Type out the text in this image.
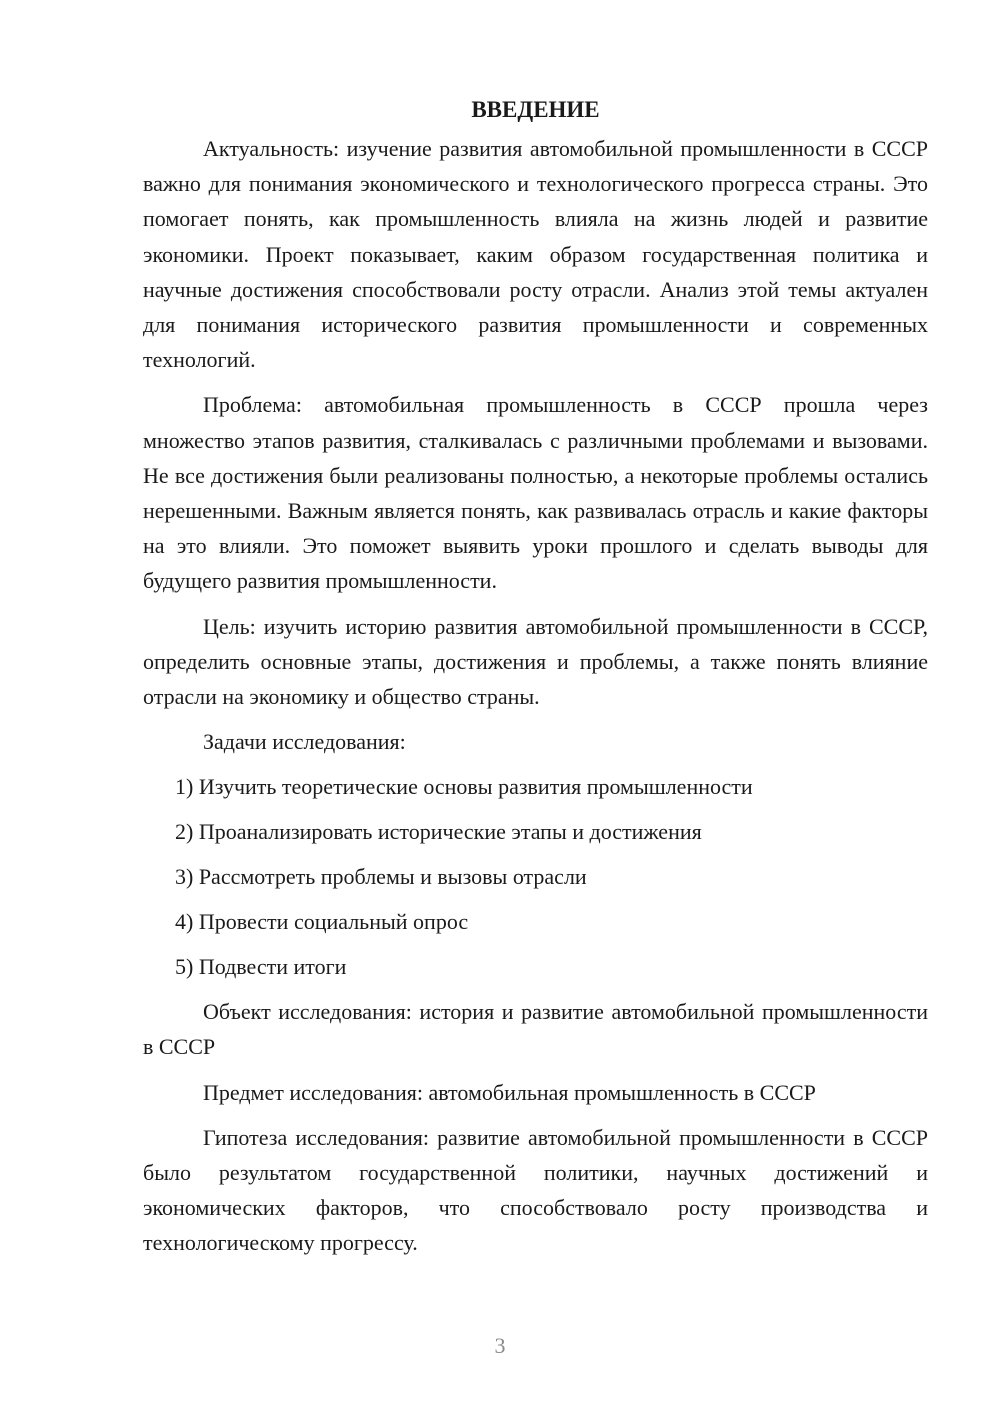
ВВЕДЕНИЕ

Актуальность: изучение развития автомобильной промышленности в СССР важно для понимания экономического и технологического прогресса страны. Это помогает понять, как промышленность влияла на жизнь людей и развитие экономики. Проект показывает, каким образом государственная политика и научные достижения способствовали росту отрасли. Анализ этой темы актуален для понимания исторического развития промышленности и современных технологий.

Проблема: автомобильная промышленность в СССР прошла через множество этапов развития, сталкивалась с различными проблемами и вызовами. Не все достижения были реализованы полностью, а некоторые проблемы остались нерешенными. Важным является понять, как развивалась отрасль и какие факторы на это влияли. Это поможет выявить уроки прошлого и сделать выводы для будущего развития промышленности.

Цель: изучить историю развития автомобильной промышленности в СССР, определить основные этапы, достижения и проблемы, а также понять влияние отрасли на экономику и общество страны.

Задачи исследования:

1) Изучить теоретические основы развития промышленности
2) Проанализировать исторические этапы и достижения
3) Рассмотреть проблемы и вызовы отрасли
4) Провести социальный опрос
5) Подвести итоги

Объект исследования: история и развитие автомобильной промышленности в СССР

Предмет исследования: автомобильная промышленность в СССР

Гипотеза исследования: развитие автомобильной промышленности в СССР было результатом государственной политики, научных достижений и экономических факторов, что способствовало росту производства и технологическому прогрессу.

3
